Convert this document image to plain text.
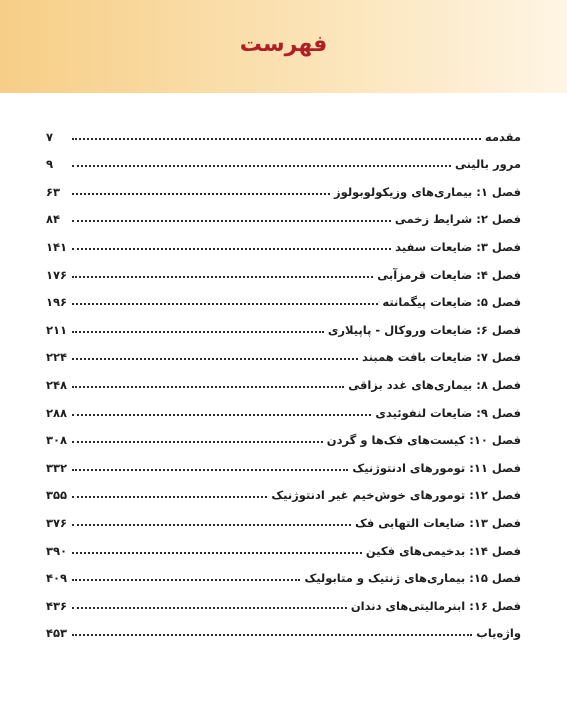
فهرست
مقدمه
۷
مرور بالینی
۹
فصل ۱: بیماری‌های وزیکولوبولوز
۶۳
فصل ۲: شرایط زخمی
۸۴
فصل ۳: ضایعات سفید
۱۴۱
فصل ۴: ضایعات قرمزآبی
۱۷۶
فصل ۵: ضایعات پیگمانته
۱۹۶
فصل ۶: ضایعات وروکال - پاپیلاری
۲۱۱
فصل ۷: ضایعات بافت همبند
۲۲۴
فصل ۸: بیماری‌های غدد بزاقی
۲۴۸
فصل ۹: ضایعات لنفوئیدی
۲۸۸
فصل ۱۰: کیست‌های فک‌ها و گردن
۳۰۸
فصل ۱۱: تومورهای ادنتوژنیک
۳۳۲
فصل ۱۲: تومورهای خوش‌خیم غیر ادنتوژنیک
۳۵۵
فصل ۱۳: ضایعات التهابی فک
۳۷۶
فصل ۱۴: بدخیمی‌های فکین
۳۹۰
فصل ۱۵: بیماری‌های ژنتیک و متابولیک
۴۰۹
فصل ۱۶: ابنرمالیتی‌های دندان
۴۳۶
واژه‌یاب
۴۵۳
